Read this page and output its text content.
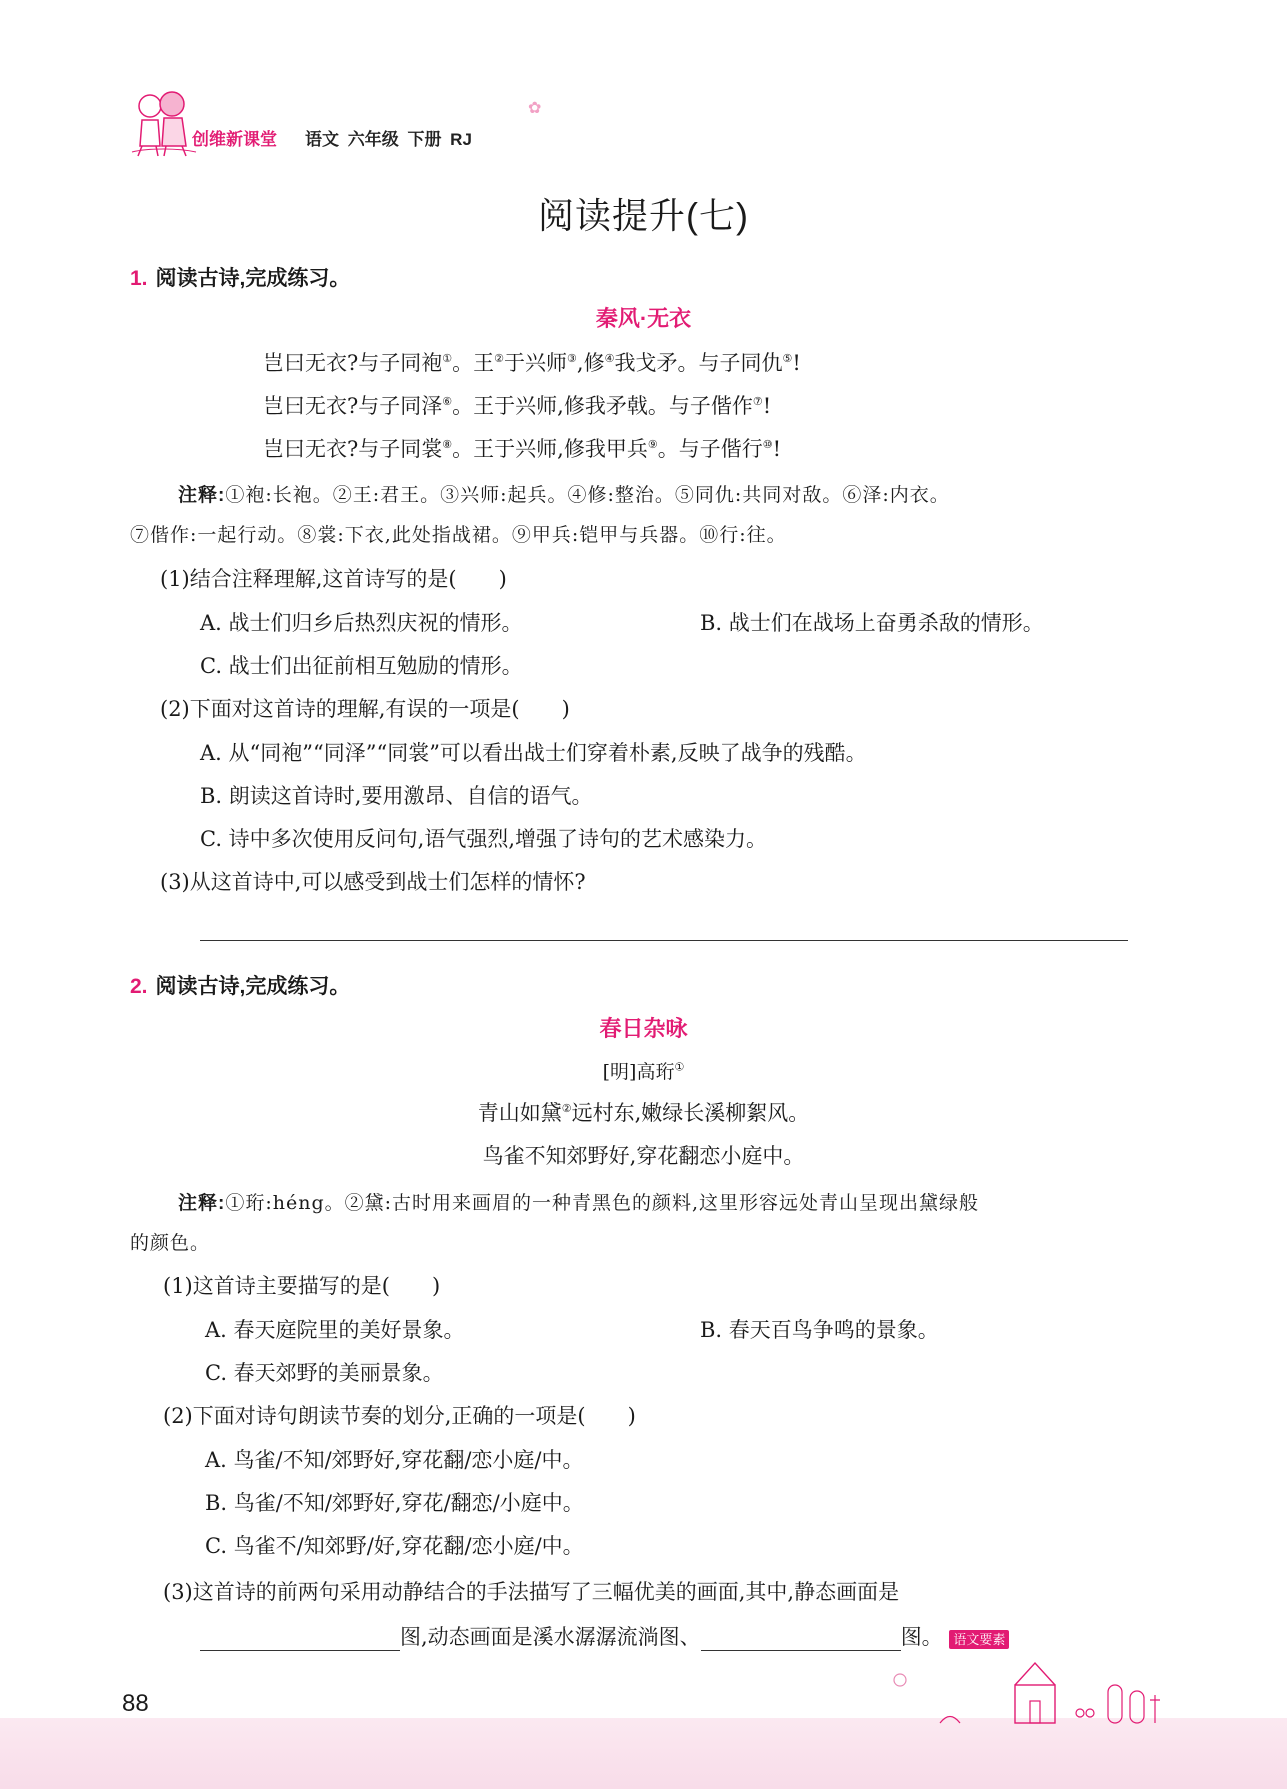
创维新课堂 语文 六年级 下册 RJ
✿
阅读提升(七)
1. 阅读古诗,完成练习。
秦风·无衣
岂曰无衣?与子同袍①。王②于兴师③,修④我戈矛。与子同仇⑤!
岂曰无衣?与子同泽⑥。王于兴师,修我矛戟。与子偕作⑦!
岂曰无衣?与子同裳⑧。王于兴师,修我甲兵⑨。与子偕行⑩!
注释:①袍:长袍。②王:君王。③兴师:起兵。④修:整治。⑤同仇:共同对敌。⑥泽:内衣。
⑦偕作:一起行动。⑧裳:下衣,此处指战裙。⑨甲兵:铠甲与兵器。⑩行:往。
(1)结合注释理解,这首诗写的是(　　)
A. 战士们归乡后热烈庆祝的情形。	B. 战士们在战场上奋勇杀敌的情形。
C. 战士们出征前相互勉励的情形。
(2)下面对这首诗的理解,有误的一项是(　　)
A. 从“同袍”“同泽”“同裳”可以看出战士们穿着朴素,反映了战争的残酷。
B. 朗读这首诗时,要用激昂、自信的语气。
C. 诗中多次使用反问句,语气强烈,增强了诗句的艺术感染力。
(3)从这首诗中,可以感受到战士们怎样的情怀?
2. 阅读古诗,完成练习。
春日杂咏
[明]高珩①
青山如黛②远村东,嫩绿长溪柳絮风。
鸟雀不知郊野好,穿花翻恋小庭中。
注释:①珩:héng。②黛:古时用来画眉的一种青黑色的颜料,这里形容远处青山呈现出黛绿般
的颜色。
(1)这首诗主要描写的是(　　)
A. 春天庭院里的美好景象。	B. 春天百鸟争鸣的景象。
C. 春天郊野的美丽景象。
(2)下面对诗句朗读节奏的划分,正确的一项是(　　)
A. 鸟雀/不知/郊野好,穿花翻/恋小庭/中。
B. 鸟雀/不知/郊野好,穿花/翻恋/小庭中。
C. 鸟雀不/知郊野/好,穿花翻/恋小庭/中。
(3)这首诗的前两句采用动静结合的手法描写了三幅优美的画面,其中,静态画面是
图,动态画面是溪水潺潺流淌图、	图。 语文要素
88
